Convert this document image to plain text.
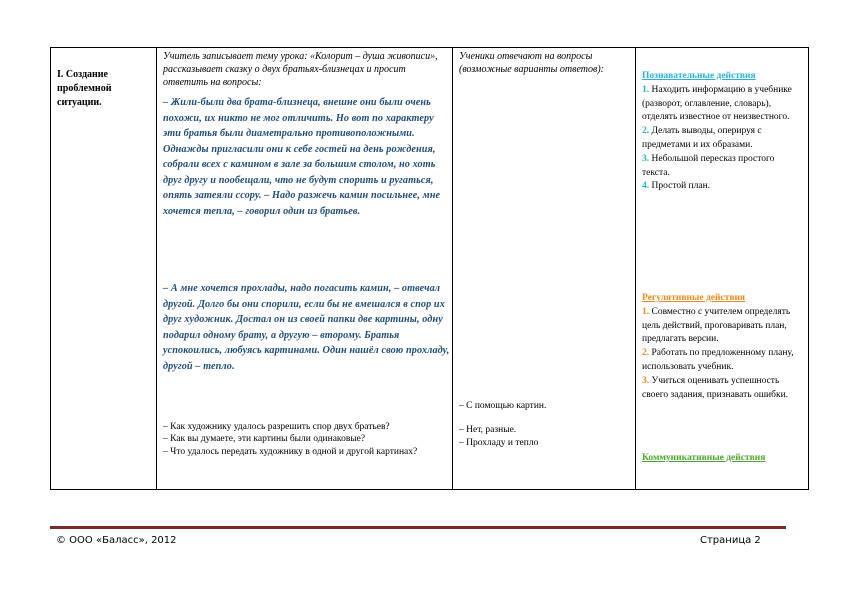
I. Создание проблемной ситуации.
Учитель записывает тему урока: «Колорит – душа живописи», рассказывает сказку о двух братьях-близнецах и просит ответить на вопросы:
– Жили-были два брата-близнеца, внешне они были очень похожи, их никто не мог отличить. Но вот по характеру эти братья были диаметрально противоположными. Однажды пригласили они к себе гостей на день рождения, собрали всех с камином в зале за большим столом, но хоть друг другу и пообещали, что не будут спорить и ругаться, опять затеяли ссору. – Надо разжечь камин посильнее, мне хочется тепла, – говорил один из братьев.
– А мне хочется прохлады, надо погасить камин, – отвечал другой. Долго бы они спорили, если бы не вмешался в спор их друг художник. Достал он из своей папки две картины, одну подарил одному брату, а другую – второму. Братья успокоились, любуясь картинами. Один нашёл свою прохладу, другой – тепло.

– Как художнику удалось разрешить спор двух братьев?

– Как вы думаете, эти картины были одинаковые?

– Что удалось передать художнику в одной и другой картинах?

Ученики отвечают на вопросы (возможные варианты ответов):

– С помощью картин.

– Нет, разные.

– Прохладу и тепло

Познавательные действия

1. Находить информацию в учебнике (разворот, оглавление, словарь), отделять известное от неизвестного.

2. Делать выводы, оперируя с предметами и их образами.

3. Небольшой пересказ простого текста.

4. Простой план.

Регулятивные действия

1. Совместно с учителем определять цель действий, проговаривать план, предлагать версии.

2. Работать по предложенному плану, использовать учебник.

3. Учиться оценивать успешность своего задания, признавать ошибки.

Коммуникативные действия
© ООО «Баласс», 2012	Страница 2
